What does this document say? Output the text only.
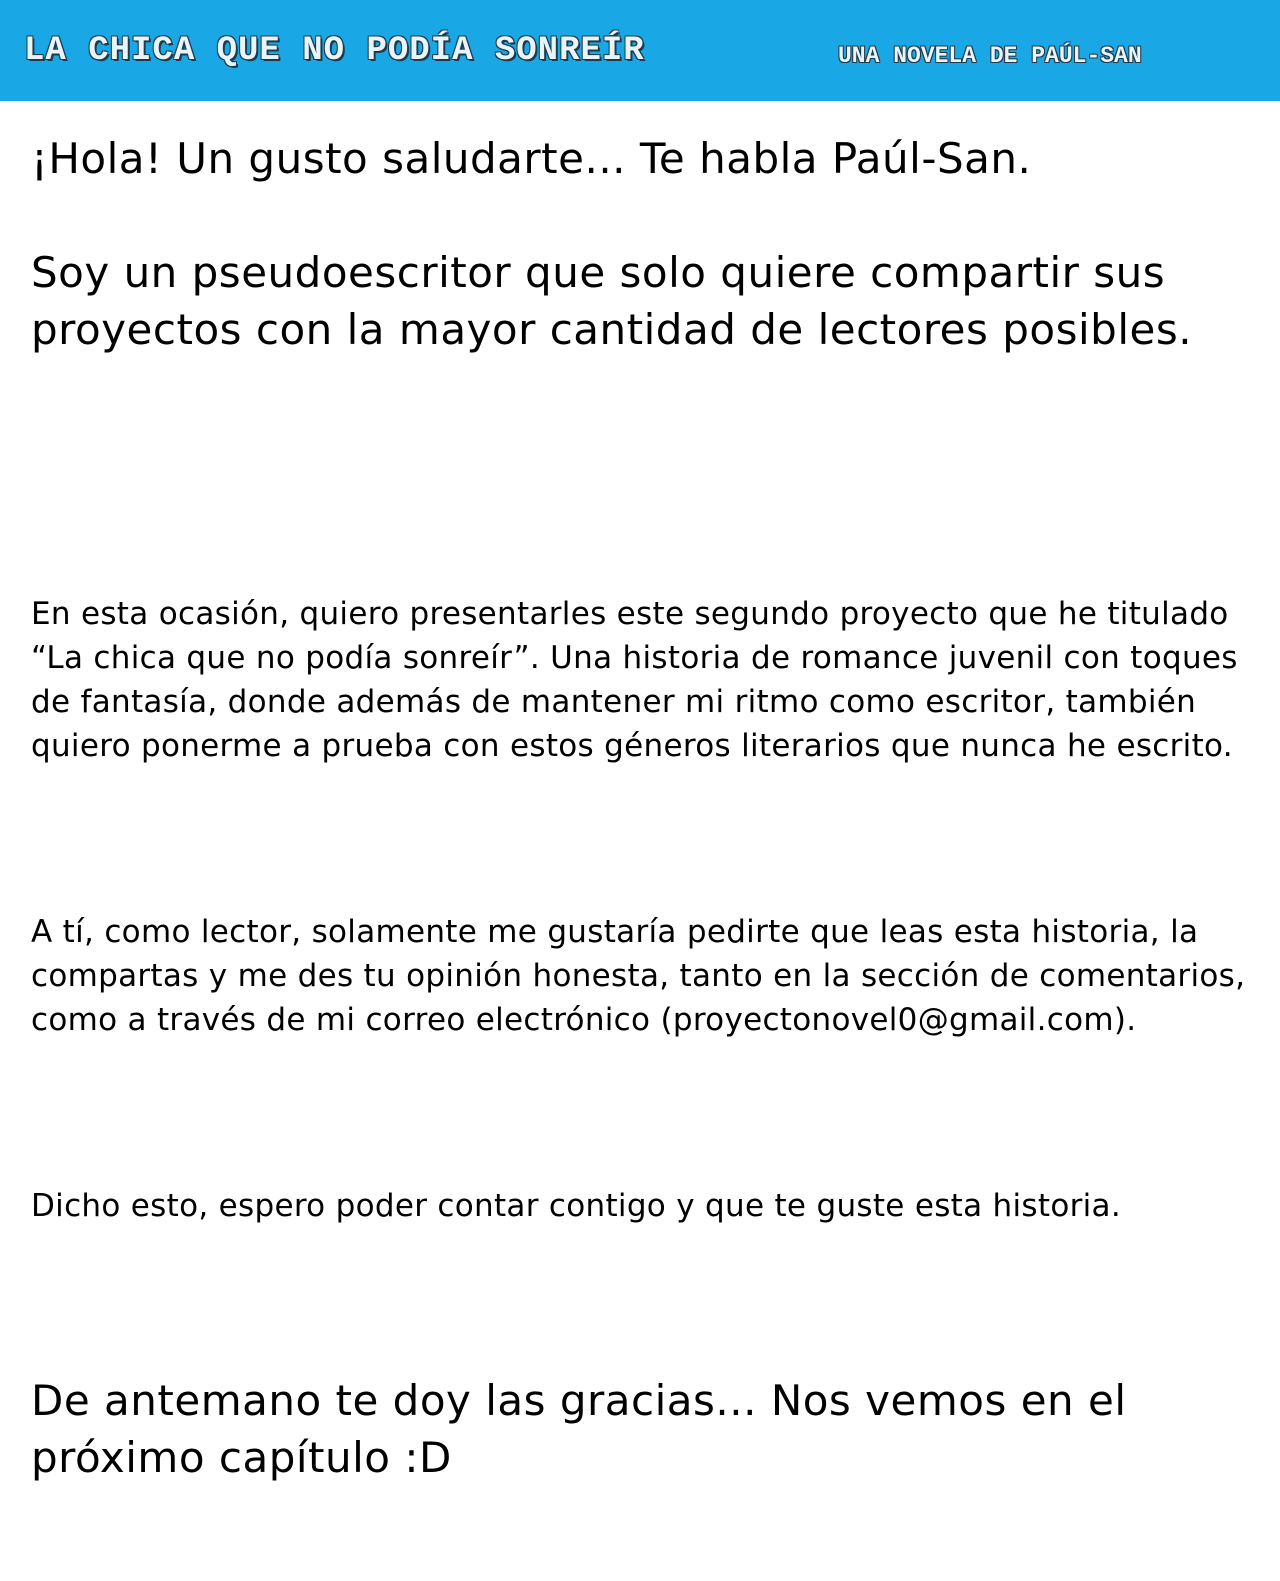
LA CHICA QUE NO PODÍA SONREÍR	UNA NOVELA DE PAÚL-SAN

¡Hola! Un gusto saludarte... Te habla Paúl-San.

Soy un pseudoescritor que solo quiere compartir sus proyectos con la mayor cantidad de lectores posibles.

En esta ocasión, quiero presentarles este segundo proyecto que he titulado “La chica que no podía sonreír”. Una historia de romance juvenil con toques de fantasía, donde además de mantener mi ritmo como escritor, también quiero ponerme a prueba con estos géneros literarios que nunca he escrito.

A tí, como lector, solamente me gustaría pedirte que leas esta historia, la compartas y me des tu opinión honesta, tanto en la sección de comentarios, como a través de mi correo electrónico (proyectonovel0@gmail.com).

Dicho esto, espero poder contar contigo y que te guste esta historia.

De antemano te doy las gracias... Nos vemos en el próximo capítulo :D
